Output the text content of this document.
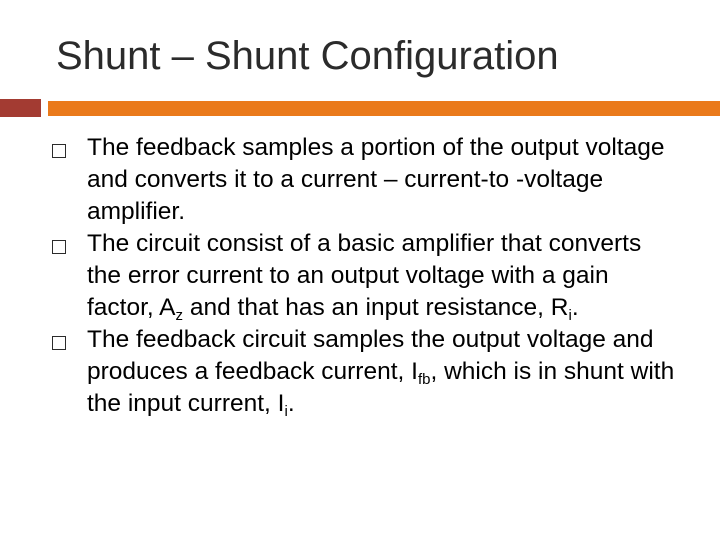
Shunt – Shunt Configuration
The feedback samples a portion of the output voltage and converts it to a current – current-to -voltage amplifier.
The circuit consist of a basic amplifier that converts the error current to an output voltage with a gain factor, $A_z$ and that has an input resistance, $R_i$.
The feedback circuit samples the output voltage and produces a feedback current, $I_{fb}$, which is in shunt with the input current, $I_i$.
